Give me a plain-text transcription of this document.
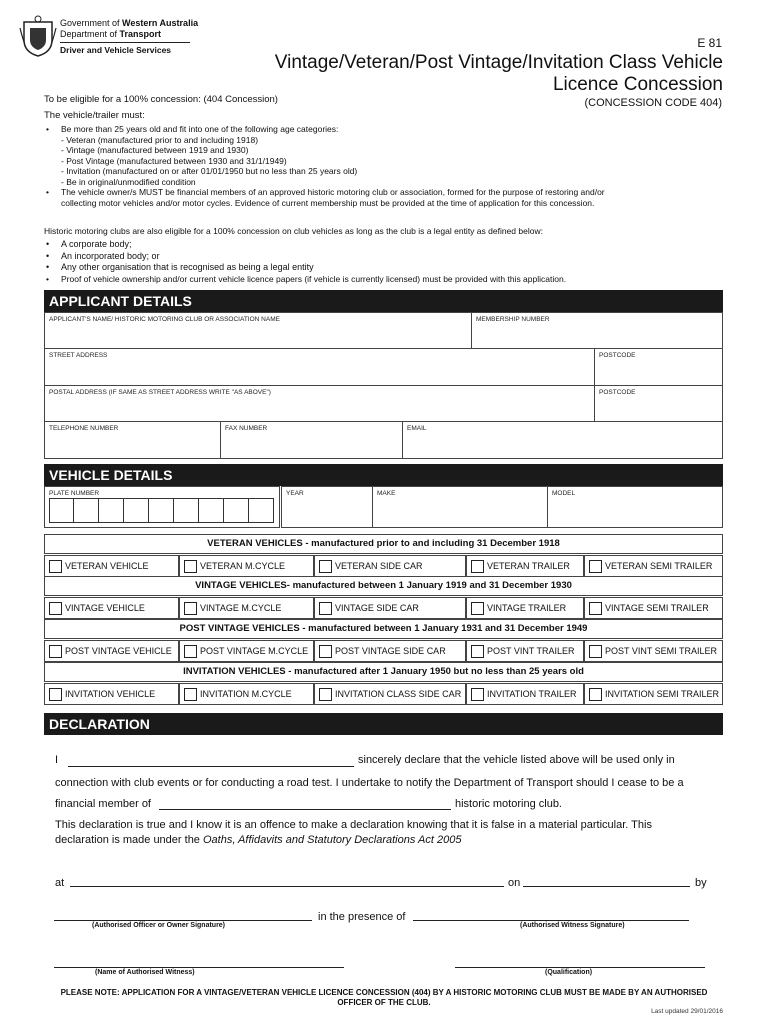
Government of Western Australia
Department of Transport
Driver and Vehicle Services	E 81
Vintage/Veteran/Post Vintage/Invitation Class Vehicle
Licence Concession
(CONCESSION CODE 404)
To be eligible for a 100% concession: (404 Concession)
The vehicle/trailer must:
• Be more than 25 years old and fit into one of the following age categories:
- Veteran (manufactured prior to and including 1918)
- Vintage (manufactured between 1919 and 1930)
- Post Vintage (manufactured between 1930 and 31/1/1949)
- Invitation (manufactured on or after 01/01/1950 but no less than 25 years old)
- Be in original/unmodified condition
• The vehicle owner/s MUST be financial members of an approved historic motoring club or association, formed for the purpose of restoring and/or
collecting motor vehicles and/or motor cycles. Evidence of current membership must be provided at the time of application for this concession.
Historic motoring clubs are also eligible for a 100% concession on club vehicles as long as the club is a legal entity as defined below:
• A corporate body;
• An incorporated body; or
• Any other organisation that is recognised as being a legal entity
• Proof of vehicle ownership and/or current vehicle licence papers (if vehicle is currently licensed) must be provided with this application.
APPLICANT DETAILS
APPLICANT'S NAME/ HISTORIC MOTORING CLUB OR ASSOCIATION NAME	MEMBERSHIP NUMBER
STREET ADDRESS	POSTCODE
POSTAL ADDRESS (IF SAME AS STREET ADDRESS WRITE "AS ABOVE")	POSTCODE
TELEPHONE NUMBER	FAX NUMBER	EMAIL
VEHICLE DETAILS
PLATE NUMBER	YEAR	MAKE	MODEL
VETERAN VEHICLES - manufactured prior to and including 31 December 1918
VETERAN VEHICLE	VETERAN M.CYCLE	VETERAN SIDE CAR	VETERAN TRAILER	VETERAN SEMI TRAILER
VINTAGE VEHICLES- manufactured between 1 January 1919 and 31 December 1930
VINTAGE VEHICLE	VINTAGE M.CYCLE	VINTAGE SIDE CAR	VINTAGE TRAILER	VINTAGE SEMI TRAILER
POST VINTAGE VEHICLES - manufactured between 1 January 1931 and 31 December 1949
POST VINTAGE VEHICLE	POST VINTAGE M.CYCLE	POST VINTAGE SIDE CAR	POST VINT TRAILER	POST VINT SEMI TRAILER
INVITATION VEHICLES - manufactured after 1 January 1950 but no less than 25 years old
INVITATION VEHICLE	INVITATION M.CYCLE	INVITATION CLASS SIDE CAR	INVITATION TRAILER	INVITATION SEMI TRAILER
DECLARATION
I	sincerely declare that the vehicle listed above will be used only in
connection with club events or for conducting a road test. I undertake to notify the Department of Transport should I cease to be a
financial member of	historic motoring club.
This declaration is true and I know it is an offence to make a declaration knowing that it is false in a material particular. This
declaration is made under the Oaths, Affidavits and Statutory Declarations Act 2005
at	on	by
in the presence of
(Authorised Officer or Owner Signature)	(Authorised Witness Signature)
(Name of Authorised Witness)	(Qualification)
PLEASE NOTE: APPLICATION FOR A VINTAGE/VETERAN VEHICLE LICENCE CONCESSION (404) BY A HISTORIC MOTORING CLUB MUST BE MADE BY AN AUTHORISED
OFFICER OF THE CLUB.
Last updated 29/01/2016
